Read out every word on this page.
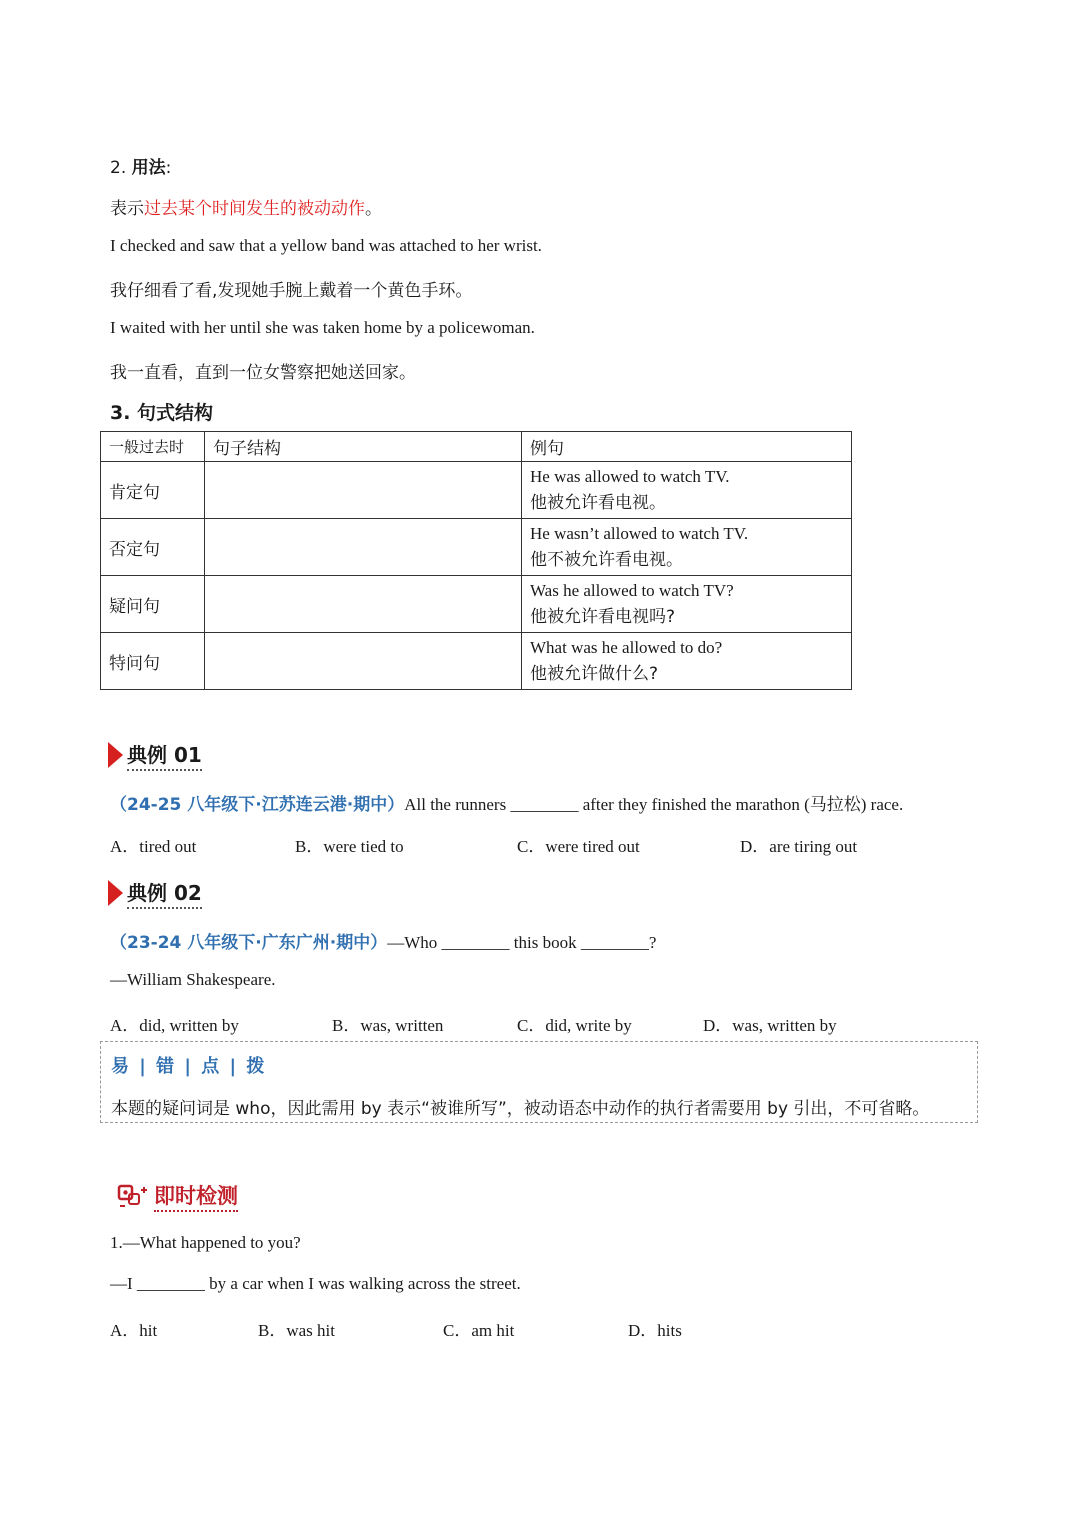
2. 用法:
表示过去某个时间发生的被动动作。
I checked and saw that a yellow band was attached to her wrist.
我仔细看了看,发现她手腕上戴着一个黄色手环。
I waited with her until she was taken home by a policewoman.
我一直看，直到一位女警察把她送回家。
3. 句式结构
一般过去时	句子结构	例句
肯定句		He was allowed to watch TV.
他被允许看电视。

否定句		He wasn’t allowed to watch TV.
他不被允许看电视。

疑问句		Was he allowed to watch TV?
他被允许看电视吗?

特问句		What was he allowed to do?
他被允许做什么?
典例 01
（24-25 八年级下·江苏连云港·期中）All the runners ________ after they finished the marathon (马拉松) race.
A．tired out	B．were tied to	C．were tired out	D．are tiring out
典例 02
（23-24 八年级下·广东广州·期中）—Who ________ this book ________?
—William Shakespeare.
A．did, written by	B．was, written	C．did, write by	D．was, written by
易 | 错 | 点 | 拨
本题的疑问词是 who，因此需用 by 表示“被谁所写”，被动语态中动作的执行者需要用 by 引出，不可省略。
即时检测
1.—What happened to you?
—I ________ by a car when I was walking across the street.
A．hit	B．was hit	C．am hit	D．hits
